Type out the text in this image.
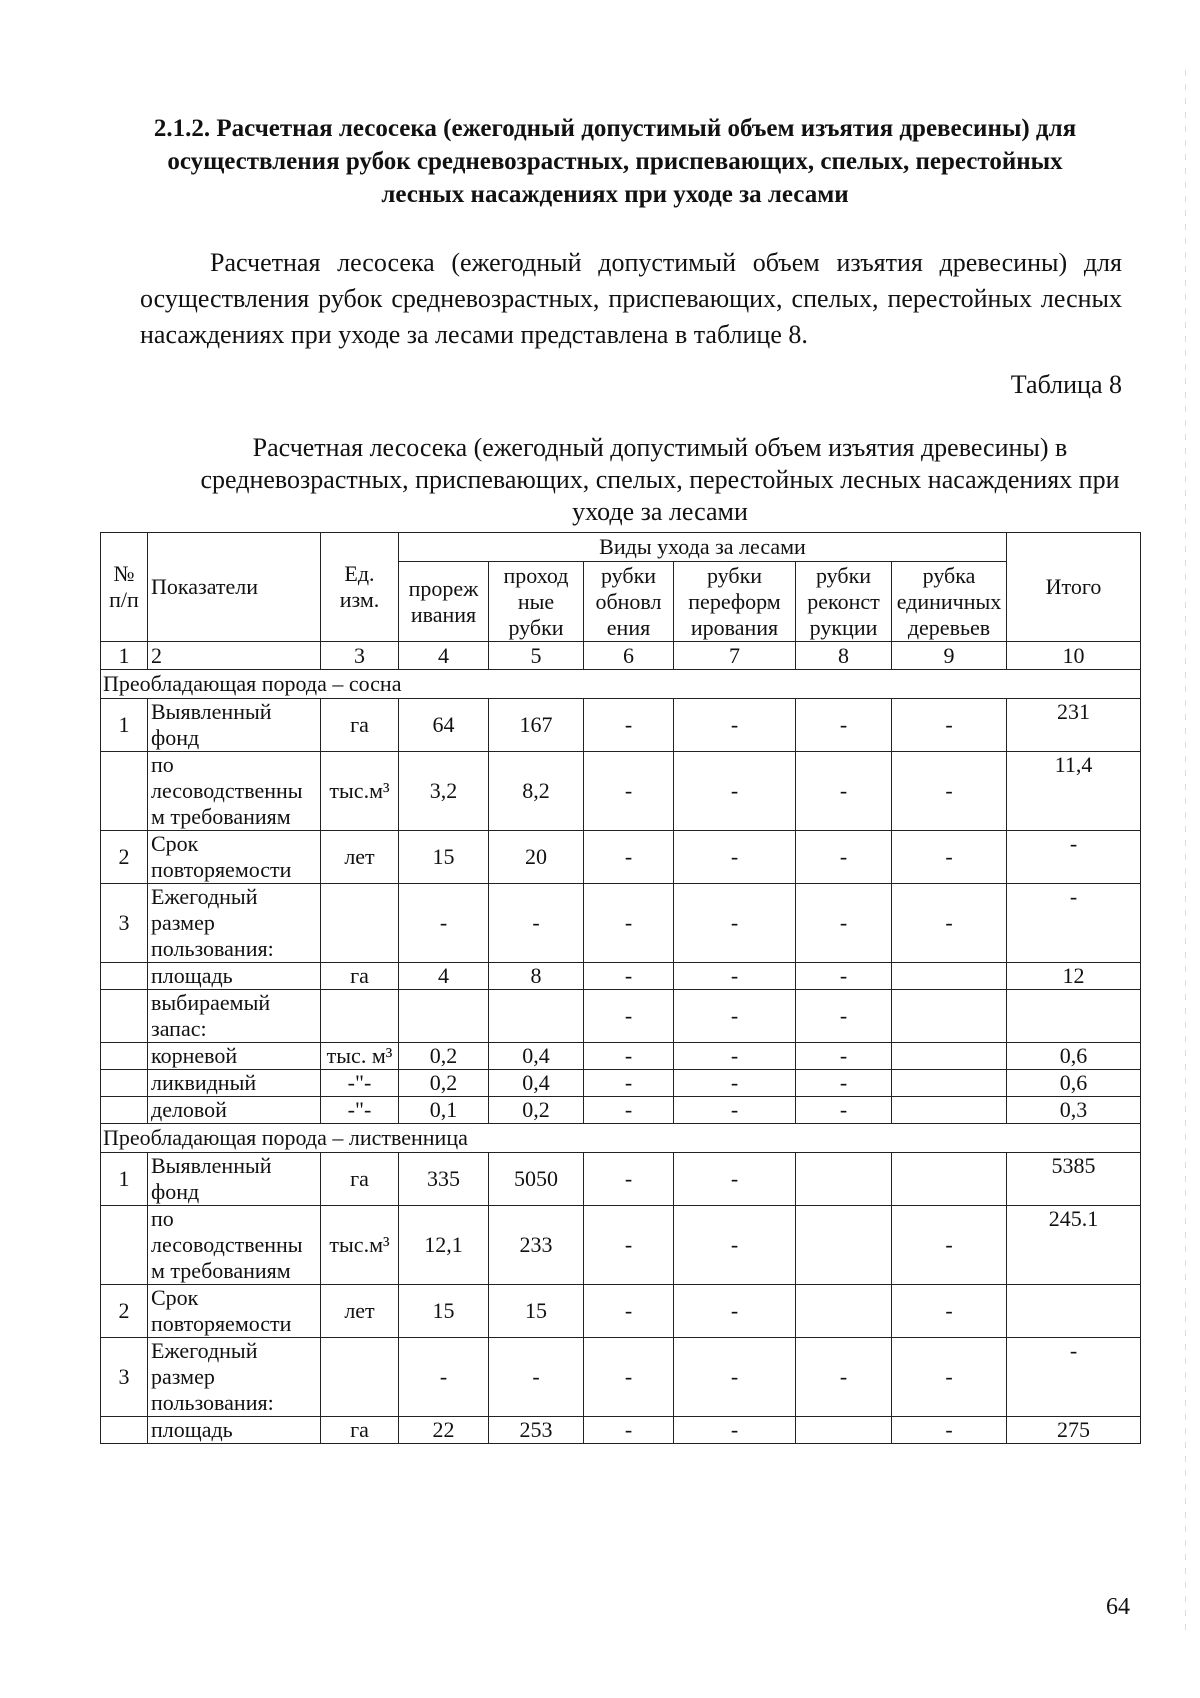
2.1.2. Расчетная лесосека (ежегодный допустимый объем изъятия древесины) для осуществления рубок средневозрастных, приспевающих, спелых, перестойных лесных насаждениях при уходе за лесами
Расчетная лесосека (ежегодный допустимый объем изъятия древесины) для осуществления рубок средневозрастных, приспевающих, спелых, перестойных лесных насаждениях при уходе за лесами представлена в таблице 8.
Таблица 8
Расчетная лесосека (ежегодный допустимый объем изъятия древесины) в средневозрастных, приспевающих, спелых, перестойных лесных насаждениях при уходе за лесами
№ п/п	Показатели	Ед. изм.	Виды ухода за лесами						Итого
			прореж ивания	проход ные рубки	рубки обновл ения	рубки переформ ирования	рубки реконст рукции	рубка единичных деревьев	
1	2	3	4	5	6	7	8	9	10
Преобладающая порода – сосна									
1	Выявленный фонд	га	64	167	-	-	-	-	231
	по лесоводственны м требованиям	тыс.м³	3,2	8,2	-	-	-	-	11,4
2	Срок повторяемости	лет	15	20	-	-	-	-	-
3	Ежегодный размер пользования:		-	-	-	-	-	-	-
	площадь	га	4	8	-	-	-		12
	выбираемый запас:				-	-	-		
	корневой	тыс. м³	0,2	0,4	-	-	-		0,6
	ликвидный	-"-	0,2	0,4	-	-	-		0,6
	деловой	-"-	0,1	0,2	-	-	-		0,3
Преобладающая порода – лиственница									
1	Выявленный фонд	га	335	5050	-	-			5385
	по лесоводственны м требованиям	тыс.м³	12,1	233	-	-		-	245.1
2	Срок повторяемости	лет	15	15	-	-		-	
3	Ежегодный размер пользования:		-	-	-	-	-	-	-
	площадь	га	22	253	-	-		-	275
64
